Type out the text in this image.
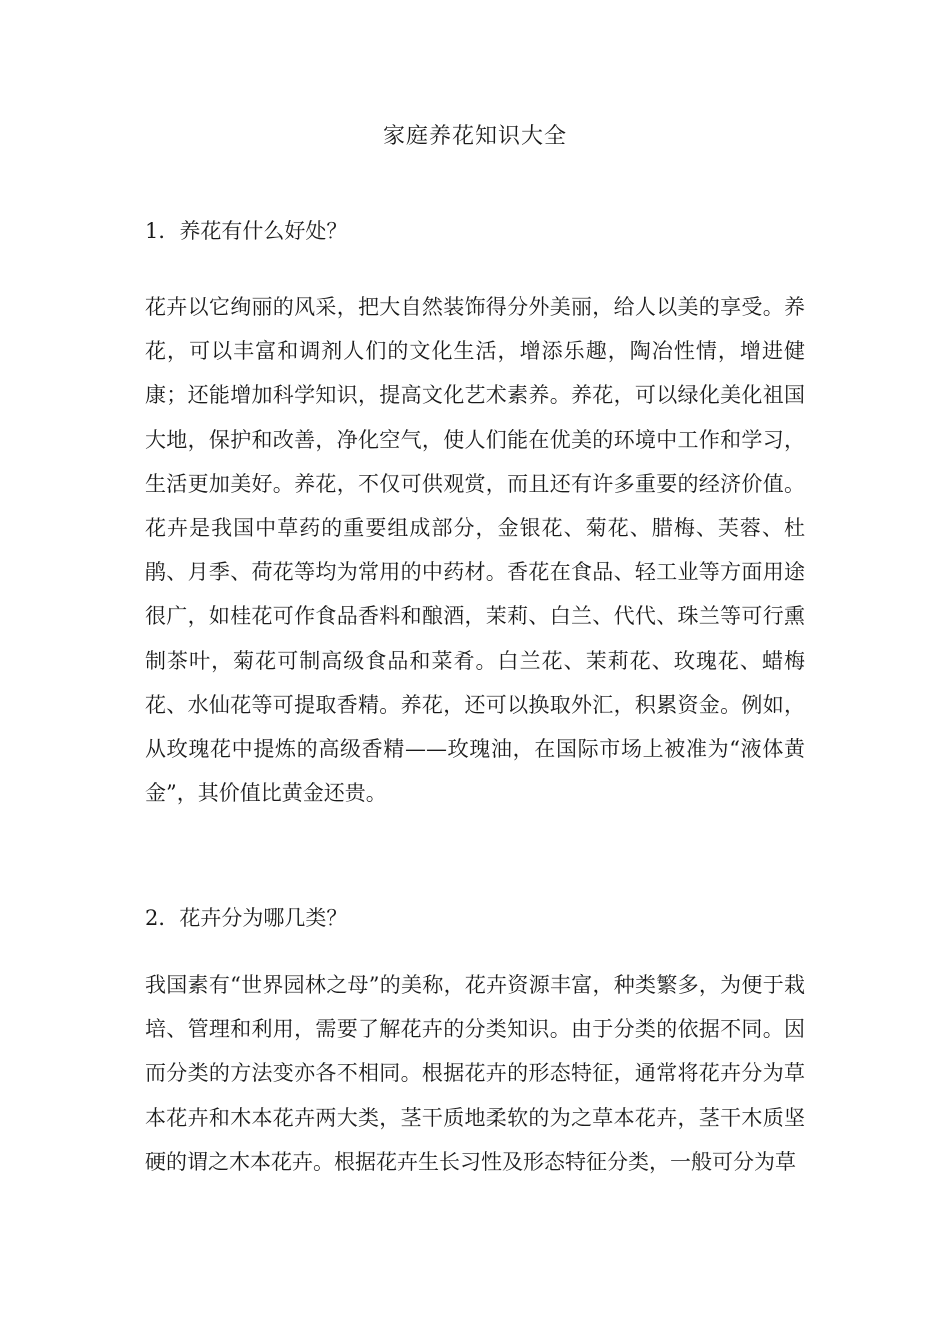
家庭养花知识大全
1．养花有什么好处？

花卉以它绚丽的风采，把大自然装饰得分外美丽，给人以美的享受。养花，可以丰富和调剂人们的文化生活，增添乐趣，陶冶性情，增进健康；还能增加科学知识，提高文化艺术素养。养花，可以绿化美化祖国大地，保护和改善，净化空气，使人们能在优美的环境中工作和学习，生活更加美好。养花，不仅可供观赏，而且还有许多重要的经济价值。花卉是我国中草药的重要组成部分，金银花、菊花、腊梅、芙蓉、杜鹃、月季、荷花等均为常用的中药材。香花在食品、轻工业等方面用途很广，如桂花可作食品香料和酿酒，茉莉、白兰、代代、珠兰等可行熏制茶叶，菊花可制高级食品和菜肴。白兰花、茉莉花、玫瑰花、蜡梅花、水仙花等可提取香精。养花，还可以换取外汇，积累资金。例如，从玫瑰花中提炼的高级香精——玫瑰油，在国际市场上被准为“液体黄金”，其价值比黄金还贵。

2．花卉分为哪几类？

我国素有“世界园林之母”的美称，花卉资源丰富，种类繁多，为便于栽培、管理和利用，需要了解花卉的分类知识。由于分类的依据不同。因而分类的方法变亦各不相同。根据花卉的形态特征，通常将花卉分为草本花卉和木本花卉两大类，茎干质地柔软的为之草本花卉，茎干木质坚硬的谓之木本花卉。根据花卉生长习性及形态特征分类，一般可分为草
